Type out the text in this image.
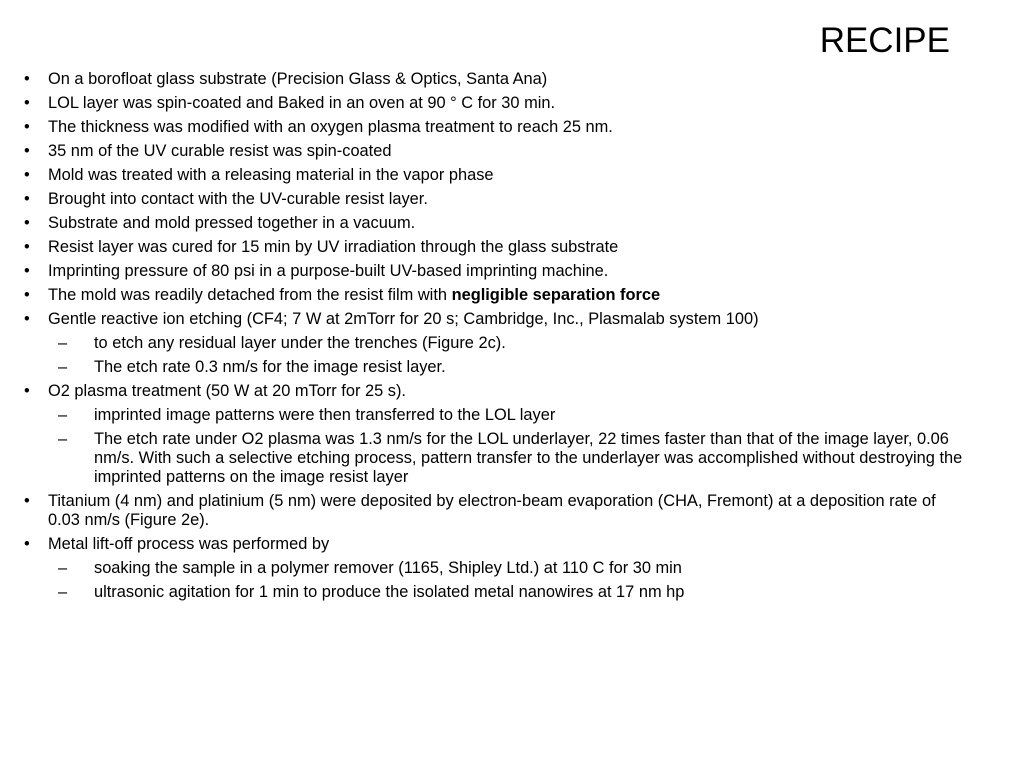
RECIPE
•	On a borofloat glass substrate (Precision Glass & Optics, Santa Ana)
•	LOL layer was spin-coated and Baked in an oven at 90 ° C for 30 min.
•	The thickness was modified with an oxygen plasma treatment to reach 25 nm.
•	35 nm of the UV curable resist was spin-coated
•	Mold was treated with a releasing material in the vapor phase
•	Brought into contact with the UV-curable resist layer.
•	Substrate and mold pressed together in a vacuum.
•	Resist layer was cured for 15 min by UV irradiation through the glass substrate
•	Imprinting pressure of 80 psi in a purpose-built UV-based imprinting machine.
•	The mold was readily detached from the resist film with negligible separation force
•	Gentle reactive ion etching (CF4; 7 W at 2mTorr for 20 s; Cambridge, Inc., Plasmalab system 100)
– to etch any residual layer under the trenches (Figure 2c).
– The etch rate 0.3 nm/s for the image resist layer.
•	O2 plasma treatment (50 W at 20 mTorr for 25 s).
– imprinted image patterns were then transferred to the LOL layer
– The etch rate under O2 plasma was 1.3 nm/s for the LOL underlayer, 22 times faster than that of the image layer, 0.06 nm/s. With such a selective etching process, pattern transfer to the underlayer was accomplished without destroying the imprinted patterns on the image resist layer
•	Titanium (4 nm) and platinium (5 nm) were deposited by electron-beam evaporation (CHA, Fremont) at a deposition rate of 0.03 nm/s (Figure 2e).
•	Metal lift-off process was performed by
– soaking the sample in a polymer remover (1165, Shipley Ltd.) at 110 C for 30 min
– ultrasonic agitation for 1 min to produce the isolated metal nanowires at 17 nm hp
